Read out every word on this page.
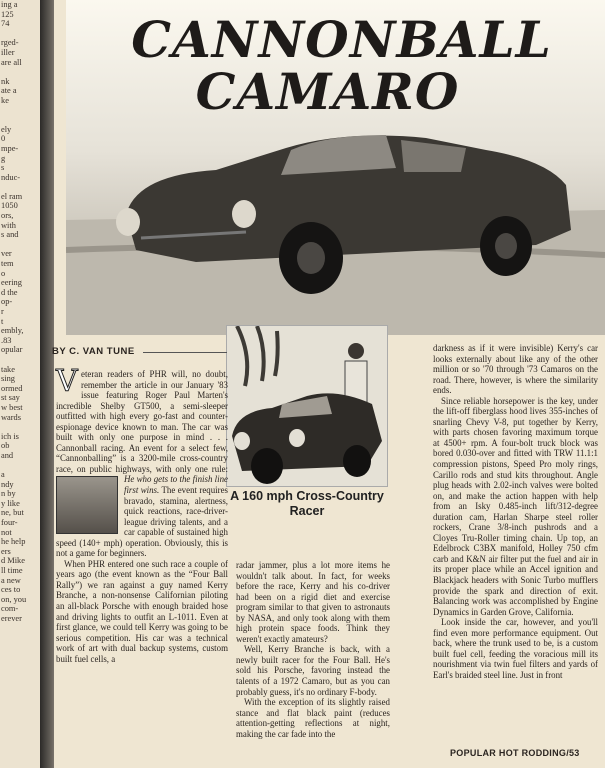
ing a
125
74
rged-
iller
are all
nk
ate a
ke
ely
0
mpe-
g
s
nduc-
el ram
1050
ors,
with
s and
ver
tem
o
eering
d the
op-
r
t
embly,
.83
opular
take
sing
ormed
st say
w best
wards
ich is
ob
and
a
ndy
n by
y like
ne, but
four-
not
he help
ers
d Mike
ll time
a new
ces to
on, you
com-
erever
CANNONBALL
CAMARO
A 160 mph Cross-Country Racer
BY C. VAN TUNE
V eteran readers of PHR will, no doubt, remember the article in our January '83 issue featuring Roger Paul Marten's incredible Shelby GT500, a semi-sleeper outfitted with high every go-fast and counter-espionage device known to man. The car was built with only one purpose in mind . . . Cannonball racing. An event for a select few, “Cannonballing” is a 3200-mile cross-country race, on public highways, with only one rule:
He who gets to the finish line first wins. The event requires bravado, stamina, alertness, quick reactions, race-driver-league driving talents, and a car capable of sustained high speed (140+ mph) operation. Obviously, this is not a game for beginners.

When PHR entered one such race a couple of years ago (the event known as the “Four Ball Rally”) we ran against a guy named Kerry Branche, a non-nonsense Californian piloting an all-black Porsche with enough braided hose and driving lights to outfit an L-1011. Even at first glance, we could tell Kerry was going to be serious competition. His car was a technical work of art with dual backup systems, custom built fuel cells, a

radar jammer, plus a lot more items he wouldn't talk about. In fact, for weeks before the race, Kerry and his co-driver had been on a rigid diet and exercise program similar to that given to astronauts by NASA, and only took along with them high protein space foods. Think they weren't exactly amateurs?

Well, Kerry Branche is back, with a newly built racer for the Four Ball. He's sold his Porsche, favoring instead the talents of a 1972 Camaro, but as you can probably guess, it's no ordinary F-body.

With the exception of its slightly raised stance and flat black paint (reduces attention-getting reflections at night, making the car fade into the

darkness as if it were invisible) Kerry's car looks externally about like any of the other million or so '70 through '73 Camaros on the road. There, however, is where the similarity ends.

Since reliable horsepower is the key, under the lift-off fiberglass hood lives 355-inches of snarling Chevy V-8, put together by Kerry, with parts chosen favoring maximum torque at 4500+ rpm. A four-bolt truck block was bored 0.030-over and fitted with TRW 11.1:1 compression pistons, Speed Pro moly rings, Carillo rods and stud kits throughout. Angle plug heads with 2.02-inch valves were bolted on, and make the action happen with help from an Isky 0.485-inch lift/312-degree duration cam, Harlan Sharpe steel roller rockers, Crane 3/8-inch pushrods and a Cloyes Tru-Roller timing chain. Up top, an Edelbrock C3BX manifold, Holley 750 cfm carb and K&N air filter put the fuel and air in its proper place while an Accel ignition and Blackjack headers with Sonic Turbo mufflers provide the spark and direction of exit. Balancing work was accomplished by Engine Dynamics in Garden Grove, California.

Look inside the car, however, and you'll find even more performance equipment. Out back, where the trunk used to be, is a custom built fuel cell, feeding the voracious mill its nourishment via twin fuel filters and yards of Earl's braided steel line. Just in front

POPULAR HOT RODDING/53
